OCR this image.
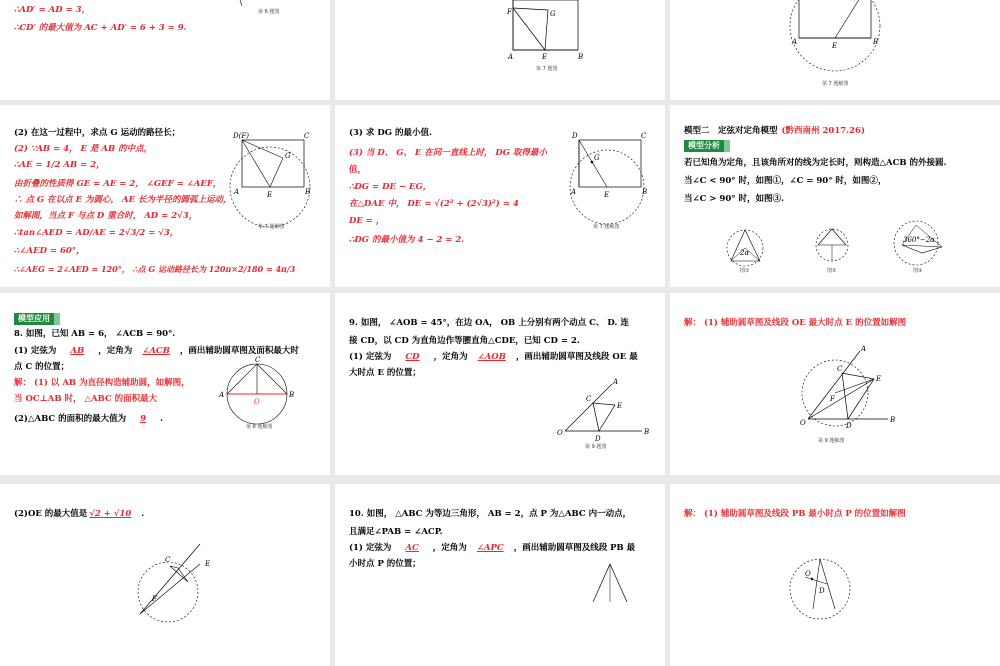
∴AD′ = AD = 3，
∴CD′ 的最大值为 AC + AD′ = 6 + 3 = 9.
第 6 题图	F	G
A	E	B
第 7 题图
A	E	B
第 7 题解图
(2) 在这一过程中，求点 G 运动的路径长；
(2) ∵AB = 4， E 是 AB 的中点，
∴AE = 1/2 AB = 2，
由折叠的性质得 GE = AE = 2， ∠GEF = ∠AEF，
∴ 点 G 在以点 E 为圆心， AE 长为半径的圆弧上运动，
如解图，当点 F 与点 D 重合时， AD = 2√3，
∴tan∠AED = AD/AE = 2√3/2 = √3，
∴∠AED = 60°，
∴∠AEG = 2∠AED = 120°， ∴点 G 运动路径长为 120π×2/180 = 4π/3
D(F)	C
G
A	E	B
第 7 题解图
(3) 求 DG 的最小值.
(3) 当 D、 G、 E 在同一直线上时， DG 取得最小
值，
∴DG = DE − EG，
在△DAE 中， DE = √(2² + (2√3)²) = 4
DE = ，
∴DG 的最小值为 4 − 2 = 2.
D	C
G
A	E	B
第 7 题解图
模型二　定弦对定角模型 (黔西南州 2017.26)
模型分析
若已知角为定角，且该角所对的线为定长时，则构造△ACB 的外接圆.
当∠C < 90° 时，如图①，∠C = 90° 时，如图②，
当∠C > 90° 时，如图③.
2α
360°−2α
图①	图②	图③
模型应用
8. 如图，已知 AB = 6， ∠ACB = 90°.
(1) 定弦为 AB ，定角为 ∠ACB ，画出辅助圆草图及面积最大时
点 C 的位置；
解： (1) 以 AB 为直径构造辅助圆，如解图，
当 OC⊥AB 时， △ABC 的面积最大
(2)△ABC 的面积的最大值为 9 .
C
A
O
B
第 8 题解图
9. 如图， ∠AOB = 45°，在边 OA， OB 上分别有两个动点 C、 D. 连
接 CD，以 CD 为直角边作等腰直角△CDE，已知 CD = 2.
(1) 定弦为 CD ，定角为 ∠AOB ，画出辅助圆草图及线段 OE 最
大时点 E 的位置；
A
C
E
O
D
B
第 9 题图
解： (1) 辅助圆草图及线段 OE 最大时点 E 的位置如解图
A
C
E
F
O	D
B
第 9 题解图
(2)OE 的最大值是 √2 + √10 .
C	E
F
10. 如图， △ABC 为等边三角形， AB = 2，点 P 为△ABC 内一动点，
且满足∠PAB = ∠ACP.
(1) 定弦为 AC ，定角为 ∠APC ，画出辅助圆草图及线段 PB 最
小时点 P 的位置；
解： (1) 辅助圆草图及线段 PB 最小时点 P 的位置如解图
O
D
